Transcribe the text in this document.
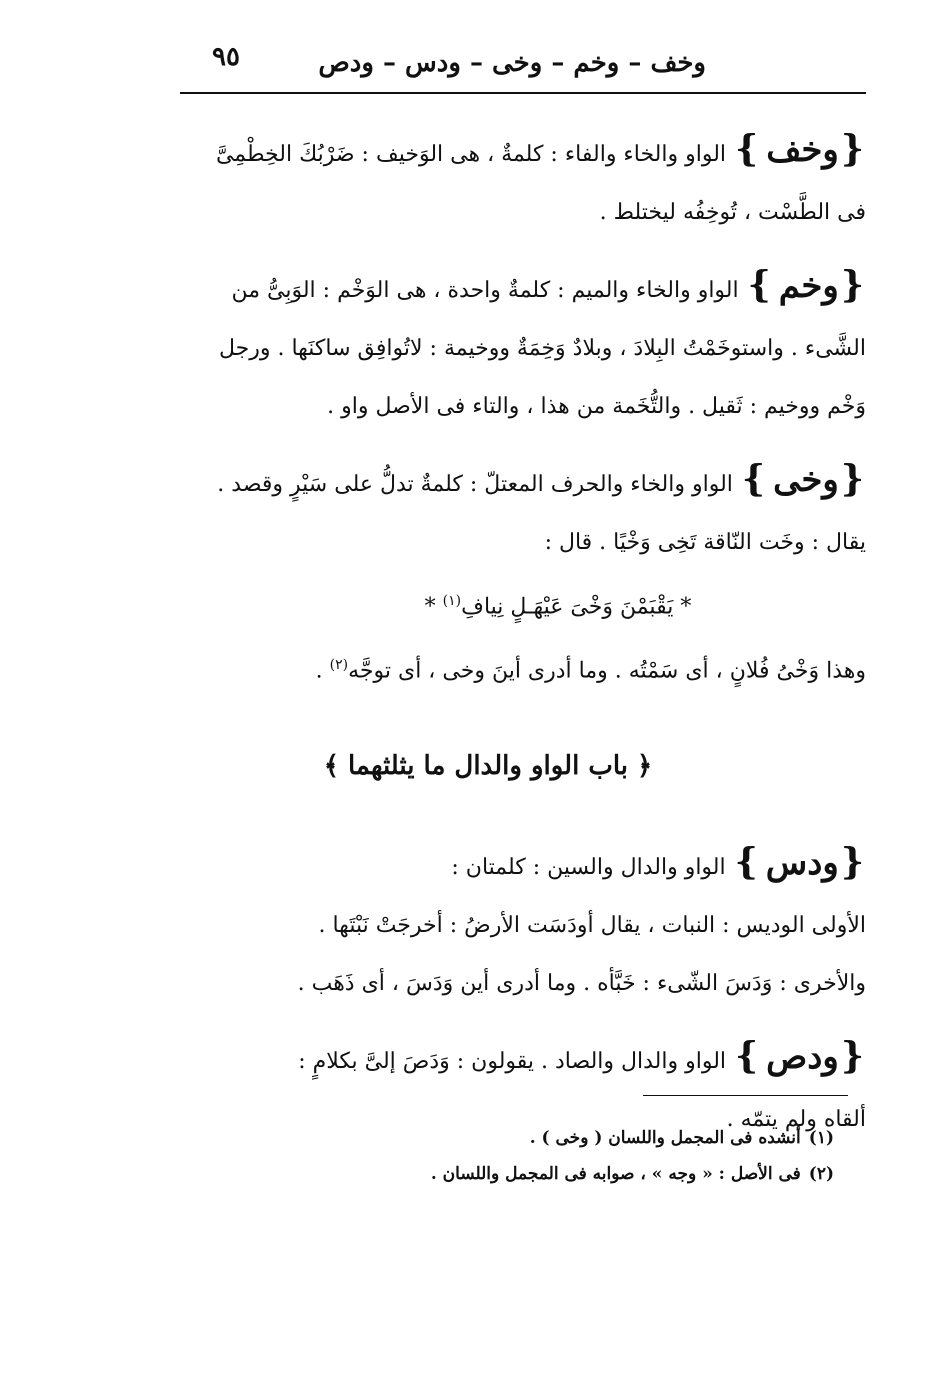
وخف – وخم – وخى – ودس – ودص
٩٥
{وخف} الواو والخاء والفاء : كلمةٌ ، هى الوَخيف : ضَرْبُكَ الخِطْمِىَّ
فى الطَّسْت ، تُوخِفُه ليختلط .
{وخم} الواو والخاء والميم : كلمةٌ واحدة ، هى الوَخْم : الوَبِىُّ من
الشَّىء . واستوخَمْتُ البِلادَ ، وبلادٌ وَخِمَةٌ ووخيمة : لاتُوافِق ساكنَها . ورجل
وَخْم ووخيم : ثَقيل . والتُّخَمة من هذا ، والتاء فى الأصل واو .
{وخى} الواو والخاء والحرف المعتلّ : كلمةٌ تدلُّ على سَيْرٍ وقصد .
يقال : وخَت النّاقة تَخِى وَخْيًا . قال :
* يَقْبَمْنَ وَخْىَ عَيْهَـلٍ نِيافِ$^{(١)}$ *
وهذا وَخْىُ فُلانٍ ، أى سَمْتُه . وما أدرى أينَ وخى ، أى توجَّه$^{(٢)}$ .
﴿ باب الواو والدال ما يثلثهما ﴾
{ودس} الواو والدال والسين : كلمتان :
الأولى الوديس : النبات ، يقال أودَسَت الأرضُ : أخرجَتْ نَبْتَها .
والأخرى : وَدَسَ الشّىء : خَبَّأه . وما أدرى أين وَدَسَ ، أى ذَهَب .
{ودص} الواو والدال والصاد . يقولون : وَدَصَ إلىَّ بكلامٍ :
ألقاه ولم يتمّه .
(١)أنشده فى المجمل واللسان ( وخى ) .
(٢)فى الأصل : « وجه » ، صوابه فى المجمل واللسان .
